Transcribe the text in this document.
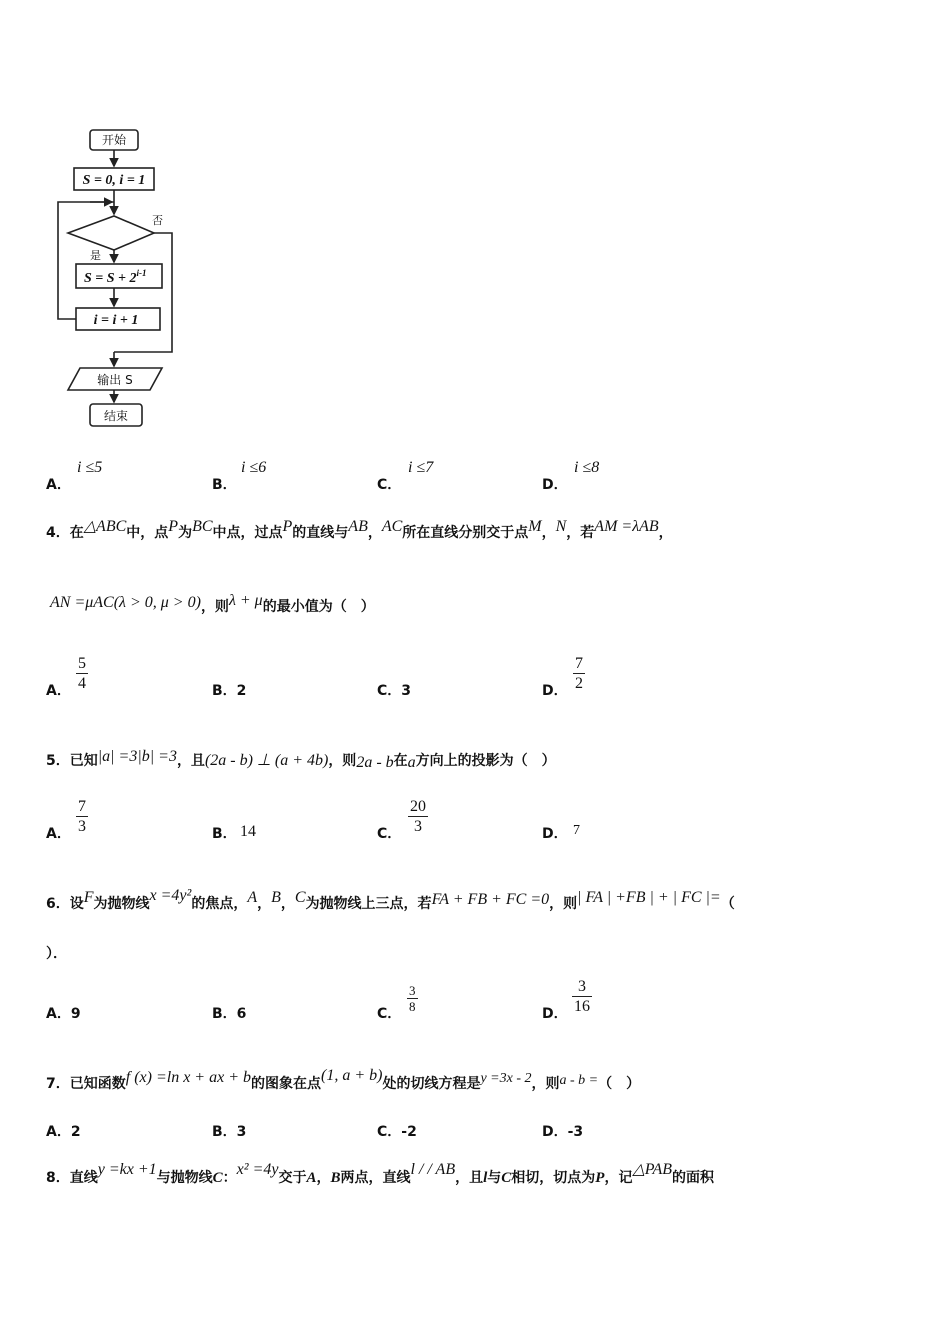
开始
S = 0, i = 1
否
是
$S = S + 2^{i-1}$
i = i + 1
输出 S
结束
A．
i ≤5
B．
i ≤6
C．
i ≤7
D．
i ≤8
4．在△ABC中，点P为BC中点，过点P的直线与AB，AC所在直线分别交于点M，N，若AM =λAB，
AN =μAC(λ > 0, μ > 0)，则λ + μ的最小值为（　）
A． $\frac{5}{4}$	B．2	C．3	D． $\frac{7}{2}$
5．已知|a| =3|b| =3，且(2a - b) ⊥ (a + 4b)，则2a - b在a方向上的投影为（　）
A． $\frac{7}{3}$	B． 14	C． $\frac{20}{3}$	D． 7
6．设F为抛物线x =4y²的焦点，A，B，C为抛物线上三点，若FA + FB + FC =0，则| FA | +FB | + | FC |=（
）．
A．9	B．6	C． $\frac{3}{8}$	D． $\frac{3}{16}$
7．已知函数f (x) =ln x + ax + b的图象在点(1, a + b)处的切线方程是y =3x - 2，则a - b =（　）
A．2	B．3	C．-2	D．-3
8．直线y =kx +1与抛物线C：x² =4y交于A，B两点，直线l / / AB，且l与C相切，切点为P，记△PAB的面积
